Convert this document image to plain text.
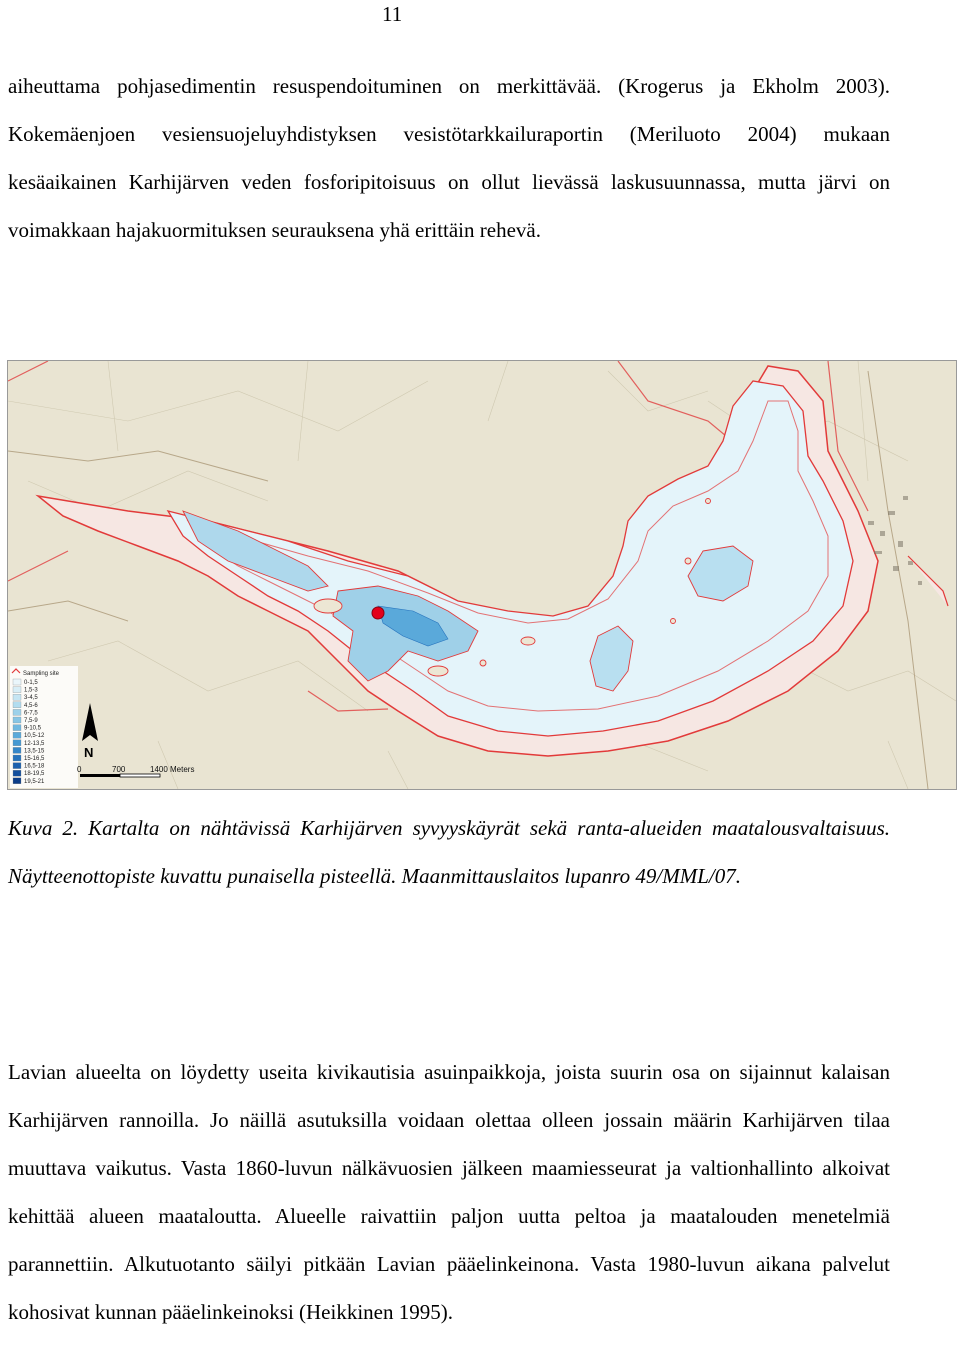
11

aiheuttama pohjasedimentin resuspendoituminen on merkittävää. (Krogerus ja Ekholm 2003). Kokemäenjoen vesiensuojeluyhdistyksen vesistötarkkailuraportin (Meriluoto 2004) mukaan kesäaikainen Karhijärven veden fosforipitoisuus on ollut lievässä laskusuunnassa, mutta järvi on voimakkaan hajakuormituksen seurauksena yhä erittäin rehevä.

Sampling site
0-1,5
1,5-3
3-4,5
4,5-6
6-7,5
7,5-9
9-10,5
10,5-12
12-13,5
13,5-15
15-16,5
16,5-18
18-19,5
19,5-21
N
0	700	1400 Meters

Kuva 2. Kartalta on nähtävissä Karhijärven syvyyskäyrät sekä ranta-alueiden maatalousvaltaisuus. Näytteenottopiste kuvattu punaisella pisteellä. Maanmittauslaitos lupanro 49/MML/07.

Lavian alueelta on löydetty useita kivikautisia asuinpaikkoja, joista suurin osa on sijainnut kalaisan Karhijärven rannoilla. Jo näillä asutuksilla voidaan olettaa olleen jossain määrin Karhijärven tilaa muuttava vaikutus. Vasta 1860-luvun nälkävuosien jälkeen maamiesseurat ja valtionhallinto alkoivat kehittää alueen maataloutta. Alueelle raivattiin paljon uutta peltoa ja maatalouden menetelmiä parannettiin. Alkutuotanto säilyi pitkään Lavian pääelinkeinona. Vasta 1980-luvun aikana palvelut kohosivat kunnan pääelinkeinoksi (Heikkinen 1995).
